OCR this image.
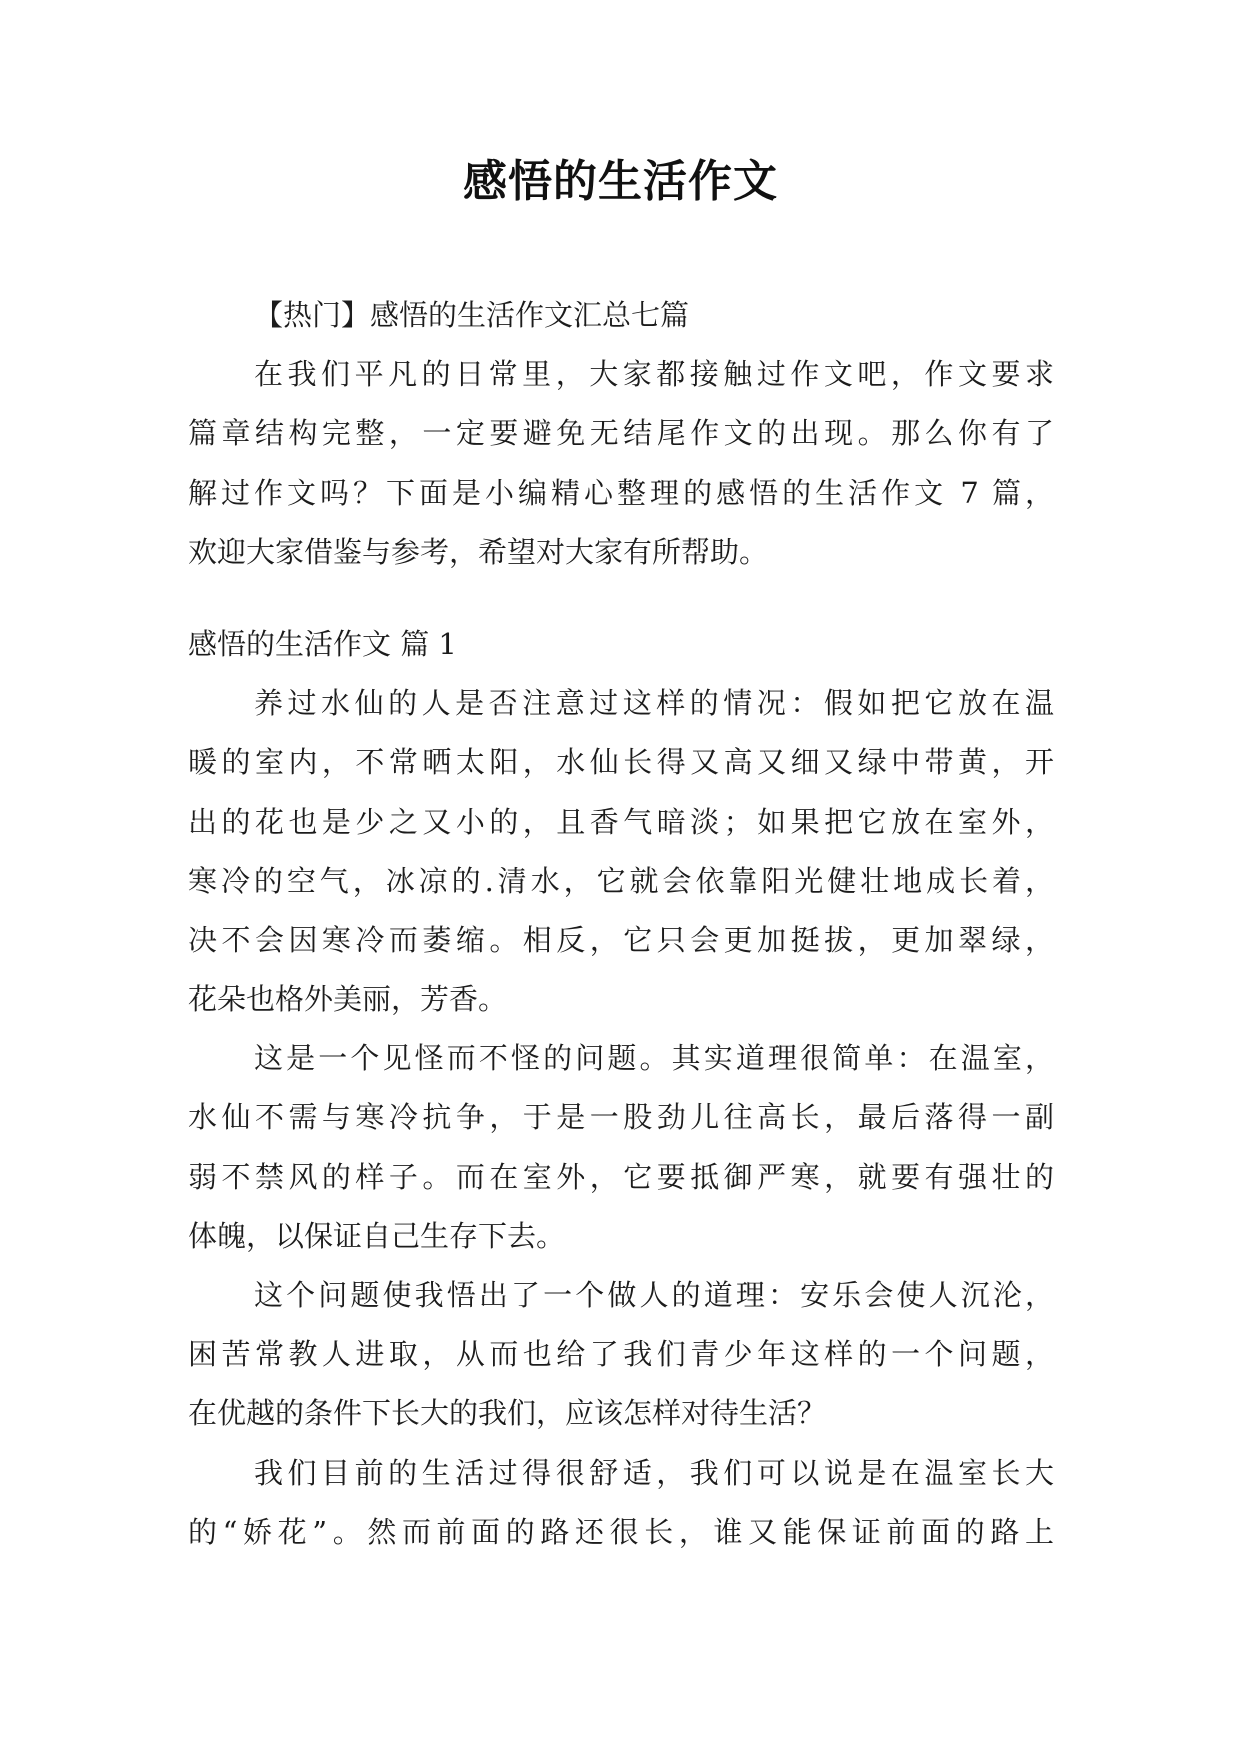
感悟的生活作文
【热门】感悟的生活作文汇总七篇
在我们平凡的日常里，大家都接触过作文吧，作文要求
篇章结构完整，一定要避免无结尾作文的出现。那么你有了
解过作文吗？下面是小编精心整理的感悟的生活作文 7 篇，
欢迎大家借鉴与参考，希望对大家有所帮助。
感悟的生活作文 篇 1
养过水仙的人是否注意过这样的情况：假如把它放在温
暖的室内，不常晒太阳，水仙长得又高又细又绿中带黄，开
出的花也是少之又小的，且香气暗淡；如果把它放在室外，
寒冷的空气，冰凉的.清水，它就会依靠阳光健壮地成长着，
决不会因寒冷而萎缩。相反，它只会更加挺拔，更加翠绿，
花朵也格外美丽，芳香。
这是一个见怪而不怪的问题。其实道理很简单：在温室，
水仙不需与寒冷抗争，于是一股劲儿往高长，最后落得一副
弱不禁风的样子。而在室外，它要抵御严寒，就要有强壮的
体魄，以保证自己生存下去。
这个问题使我悟出了一个做人的道理：安乐会使人沉沦，
困苦常教人进取，从而也给了我们青少年这样的一个问题，
在优越的条件下长大的我们，应该怎样对待生活？
我们目前的生活过得很舒适，我们可以说是在温室长大
的“娇花”。然而前面的路还很长，谁又能保证前面的路上
